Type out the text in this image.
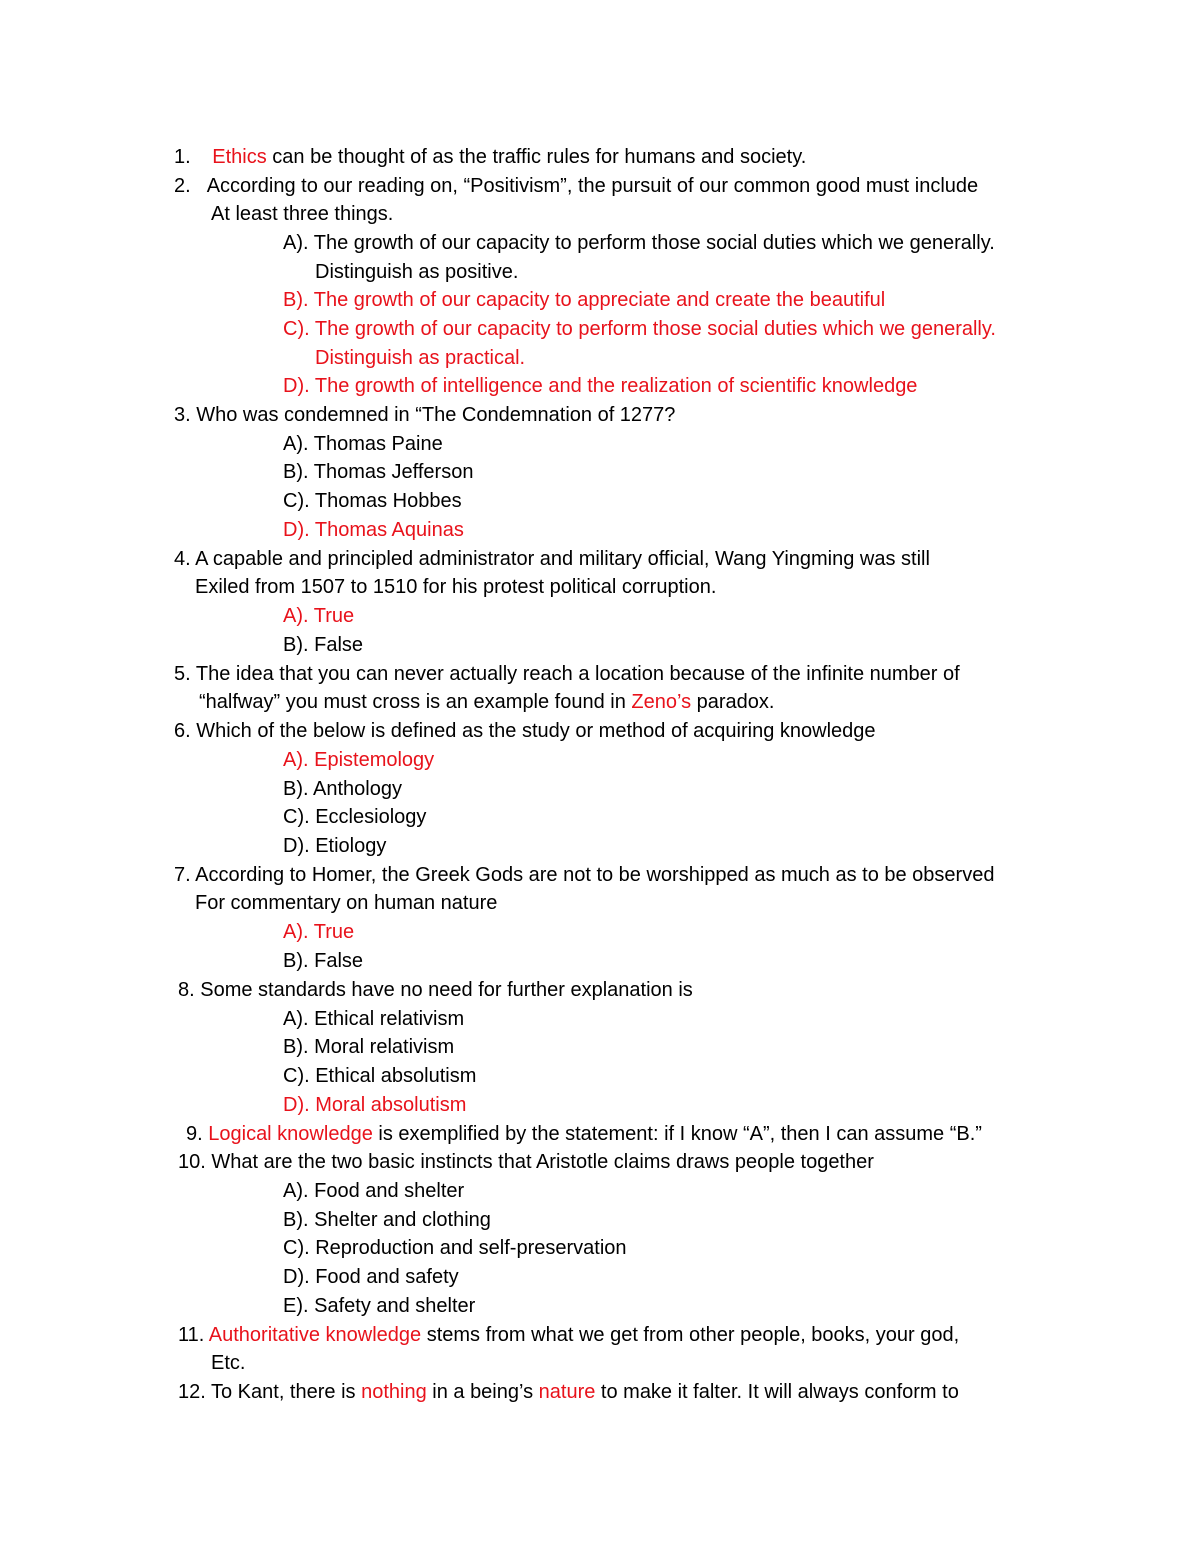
1. Ethics can be thought of as the traffic rules for humans and society.
2. According to our reading on, “Positivism”, the pursuit of our common good must include
At least three things.
A). The growth of our capacity to perform those social duties which we generally.
Distinguish as positive.
B). The growth of our capacity to appreciate and create the beautiful
C). The growth of our capacity to perform those social duties which we generally.
Distinguish as practical.
D). The growth of intelligence and the realization of scientific knowledge
3. Who was condemned in “The Condemnation of 1277?
A). Thomas Paine
B). Thomas Jefferson
C). Thomas Hobbes
D). Thomas Aquinas
4. A capable and principled administrator and military official, Wang Yingming was still
Exiled from 1507 to 1510 for his protest political corruption.
A). True
B). False
5. The idea that you can never actually reach a location because of the infinite number of
“halfway” you must cross is an example found in Zeno’s paradox.
6. Which of the below is defined as the study or method of acquiring knowledge
A). Epistemology
B). Anthology
C). Ecclesiology
D). Etiology
7. According to Homer, the Greek Gods are not to be worshipped as much as to be observed
For commentary on human nature
A). True
B). False
8. Some standards have no need for further explanation is
A). Ethical relativism
B). Moral relativism
C). Ethical absolutism
D). Moral absolutism
9. Logical knowledge is exemplified by the statement: if I know “A”, then I can assume “B.”
10. What are the two basic instincts that Aristotle claims draws people together
A). Food and shelter
B). Shelter and clothing
C). Reproduction and self-preservation
D). Food and safety
E). Safety and shelter
11. Authoritative knowledge stems from what we get from other people, books, your god,
Etc.
12. To Kant, there is nothing in a being’s nature to make it falter. It will always conform to
